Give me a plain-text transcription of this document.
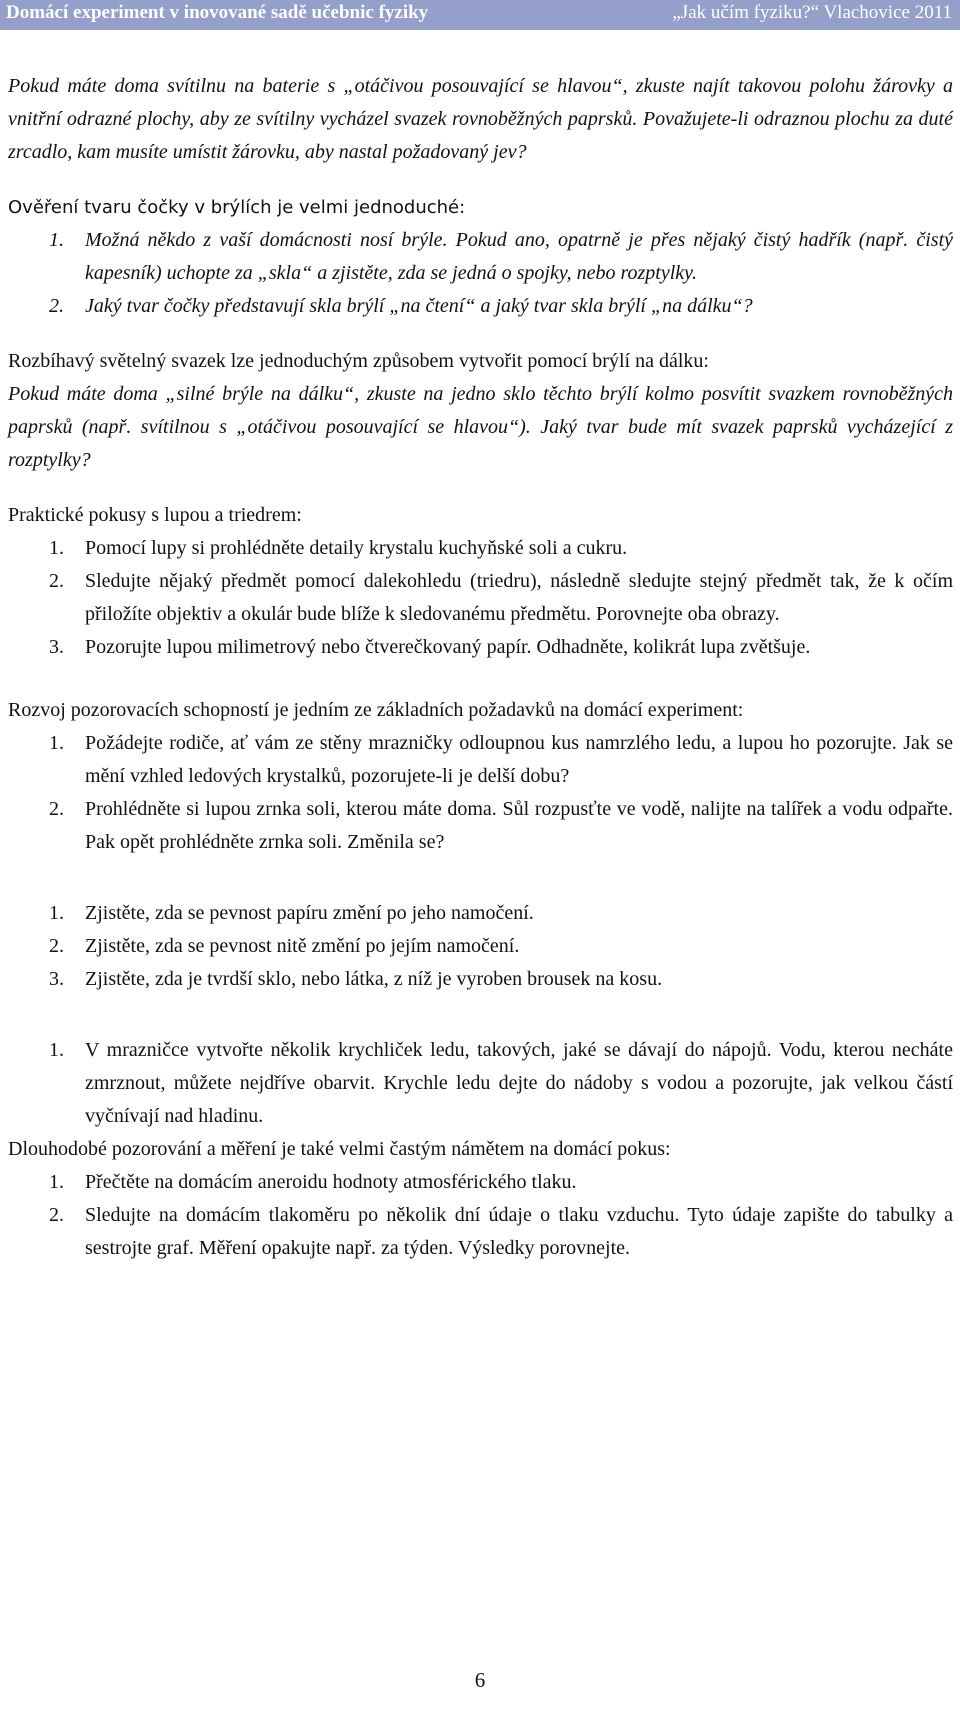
Domácí experiment v inovované sadě učebnic fyziky	„Jak učím fyziku?“ Vlachovice 2011

Pokud máte doma svítilnu na baterie s „otáčivou posouvající se hlavou“, zkuste najít takovou polohu žárovky a vnitřní odrazné plochy, aby ze svítilny vycházel svazek rovnoběžných paprsků. Považujete-li odraznou plochu za duté zrcadlo, kam musíte umístit žárovku, aby nastal požadovaný jev?

Ověření tvaru čočky v brýlích je velmi jednoduché:

1. Možná někdo z vaší domácnosti nosí brýle. Pokud ano, opatrně je přes nějaký čistý hadřík (např. čistý kapesník) uchopte za „skla“ a zjistěte, zda se jedná o spojky, nebo rozptylky.
2. Jaký tvar čočky představují skla brýlí „na čtení“ a jaký tvar skla brýlí „na dálku“?

Rozbíhavý světelný svazek lze jednoduchým způsobem vytvořit pomocí brýlí na dálku:

Pokud máte doma „silné brýle na dálku“, zkuste na jedno sklo těchto brýlí kolmo posvítit svazkem rovnoběžných paprsků (např. svítilnou s „otáčivou posouvající se hlavou“). Jaký tvar bude mít svazek paprsků vycházející z rozptylky?

Praktické pokusy s lupou a triedrem:

1. Pomocí lupy si prohlédněte detaily krystalu kuchyňské soli a cukru.
2. Sledujte nějaký předmět pomocí dalekohledu (triedru), následně sledujte stejný předmět tak, že k očím přiložíte objektiv a okulár bude blíže k sledovanému předmětu. Porovnejte oba obrazy.
3. Pozorujte lupou milimetrový nebo čtverečkovaný papír. Odhadněte, kolikrát lupa zvětšuje.

Rozvoj pozorovacích schopností je jedním ze základních požadavků na domácí experiment:

1. Požádejte rodiče, ať vám ze stěny mrazničky odloupnou kus namrzlého ledu, a lupou ho pozorujte. Jak se mění vzhled ledových krystalků, pozorujete-li je delší dobu?
2. Prohlédněte si lupou zrnka soli, kterou máte doma. Sůl rozpusťte ve vodě, nalijte na talířek a vodu odpařte. Pak opět prohlédněte zrnka soli. Změnila se?
1. Zjistěte, zda se pevnost papíru změní po jeho namočení.
2. Zjistěte, zda se pevnost nitě změní po jejím namočení.
3. Zjistěte, zda je tvrdší sklo, nebo látka, z níž je vyroben brousek na kosu.
1. V mrazničce vytvořte několik krychliček ledu, takových, jaké se dávají do nápojů. Vodu, kterou necháte zmrznout, můžete nejdříve obarvit. Krychle ledu dejte do nádoby s vodou a pozorujte, jak velkou částí vyčnívají nad hladinu.

Dlouhodobé pozorování a měření je také velmi častým námětem na domácí pokus:

1. Přečtěte na domácím aneroidu hodnoty atmosférického tlaku.
2. Sledujte na domácím tlakoměru po několik dní údaje o tlaku vzduchu. Tyto údaje zapište do tabulky a sestrojte graf. Měření opakujte např. za týden. Výsledky porovnejte.
6
